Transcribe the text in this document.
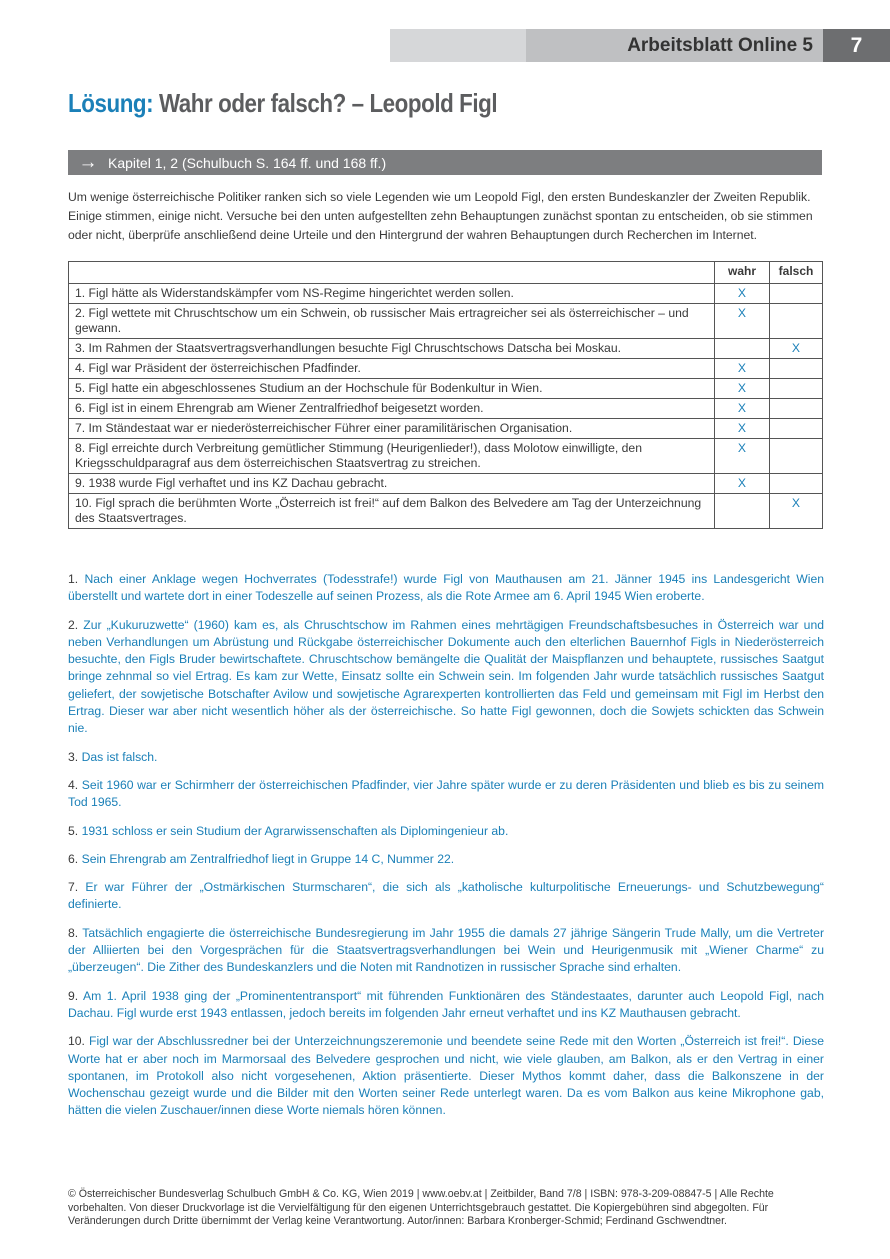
Arbeitsblatt Online 5	7
Lösung: Wahr oder falsch? – Leopold Figl
→ Kapitel 1, 2 (Schulbuch S. 164 ff. und 168 ff.)
Um wenige österreichische Politiker ranken sich so viele Legenden wie um Leopold Figl, den ersten Bundeskanzler der Zweiten Republik. Einige stimmen, einige nicht. Versuche bei den unten aufgestellten zehn Behauptungen zunächst spontan zu entscheiden, ob sie stimmen oder nicht, überprüfe anschließend deine Urteile und den Hintergrund der wahren Behauptungen durch Recherchen im Internet.
	wahr	falsch
1. Figl hätte als Widerstandskämpfer vom NS-Regime hingerichtet werden sollen.	X	
2. Figl wettete mit Chruschtschow um ein Schwein, ob russischer Mais ertragreicher sei als österreichischer – und gewann.	X	
3. Im Rahmen der Staatsvertragsverhandlungen besuchte Figl Chruschtschows Datscha bei Moskau.		X
4. Figl war Präsident der österreichischen Pfadfinder.	X	
5. Figl hatte ein abgeschlossenes Studium an der Hochschule für Bodenkultur in Wien.	X	
6. Figl ist in einem Ehrengrab am Wiener Zentralfriedhof beigesetzt worden.	X	
7. Im Ständestaat war er niederösterreichischer Führer einer paramilitärischen Organisation.	X	
8. Figl erreichte durch Verbreitung gemütlicher Stimmung (Heurigenlieder!), dass Molotow einwilligte, den Kriegsschuldparagraf aus dem österreichischen Staatsvertrag zu streichen.	X	
9. 1938 wurde Figl verhaftet und ins KZ Dachau gebracht.	X	
10. Figl sprach die berühmten Worte „Österreich ist frei!“ auf dem Balkon des Belvedere am Tag der Unterzeichnung des Staatsvertrages.		X

1. Nach einer Anklage wegen Hochverrates (Todesstrafe!) wurde Figl von Mauthausen am 21. Jänner 1945 ins Landesgericht Wien überstellt und wartete dort in einer Todeszelle auf seinen Prozess, als die Rote Armee am 6. April 1945 Wien eroberte.

2. Zur „Kukuruzwette“ (1960) kam es, als Chruschtschow im Rahmen eines mehrtägigen Freundschaftsbesuches in Österreich war und neben Verhandlungen um Abrüstung und Rückgabe österreichischer Dokumente auch den elterlichen Bauernhof Figls in Niederösterreich besuchte, den Figls Bruder bewirtschaftete. Chruschtschow bemängelte die Qualität der Maispflanzen und behauptete, russisches Saatgut bringe zehnmal so viel Ertrag. Es kam zur Wette, Einsatz sollte ein Schwein sein. Im folgenden Jahr wurde tatsächlich russisches Saatgut geliefert, der sowjetische Botschafter Avilow und sowjetische Agrarexperten kontrollierten das Feld und gemeinsam mit Figl im Herbst den Ertrag. Dieser war aber nicht wesentlich höher als der österreichische. So hatte Figl gewonnen, doch die Sowjets schickten das Schwein nie.

3. Das ist falsch.

4. Seit 1960 war er Schirmherr der österreichischen Pfadfinder, vier Jahre später wurde er zu deren Präsidenten und blieb es bis zu seinem Tod 1965.

5. 1931 schloss er sein Studium der Agrarwissenschaften als Diplomingenieur ab.

6. Sein Ehrengrab am Zentralfriedhof liegt in Gruppe 14 C, Nummer 22.

7. Er war Führer der „Ostmärkischen Sturmscharen“, die sich als „katholische kulturpolitische Erneuerungs- und Schutzbewegung“ definierte.

8. Tatsächlich engagierte die österreichische Bundesregierung im Jahr 1955 die damals 27 jährige Sängerin Trude Mally, um die Vertreter der Alliierten bei den Vorgesprächen für die Staatsvertragsverhandlungen bei Wein und Heurigenmusik mit „Wiener Charme“ zu „überzeugen“. Die Zither des Bundeskanzlers und die Noten mit Randnotizen in russischer Sprache sind erhalten.

9. Am 1. April 1938 ging der „Prominententransport“ mit führenden Funktionären des Ständestaates, darunter auch Leopold Figl, nach Dachau. Figl wurde erst 1943 entlassen, jedoch bereits im folgenden Jahr erneut verhaftet und ins KZ Mauthausen gebracht.

10. Figl war der Abschlussredner bei der Unterzeichnungszeremonie und beendete seine Rede mit den Worten „Österreich ist frei!“. Diese Worte hat er aber noch im Marmorsaal des Belvedere gesprochen und nicht, wie viele glauben, am Balkon, als er den Vertrag in einer spontanen, im Protokoll also nicht vorgesehenen, Aktion präsentierte. Dieser Mythos kommt daher, dass die Balkonszene in der Wochenschau gezeigt wurde und die Bilder mit den Worten seiner Rede unterlegt waren. Da es vom Balkon aus keine Mikrophone gab, hätten die vielen Zuschauer/innen diese Worte niemals hören können.

© Österreichischer Bundesverlag Schulbuch GmbH & Co. KG, Wien 2019 | www.oebv.at | Zeitbilder, Band 7/8 | ISBN: 978-3-209-08847-5 | Alle Rechte vorbehalten. Von dieser Druckvorlage ist die Vervielfältigung für den eigenen Unterrichtsgebrauch gestattet. Die Kopiergebühren sind abgegolten. Für Veränderungen durch Dritte übernimmt der Verlag keine Verantwortung. Autor/innen: Barbara Kronberger-Schmid; Ferdinand Gschwendtner.
